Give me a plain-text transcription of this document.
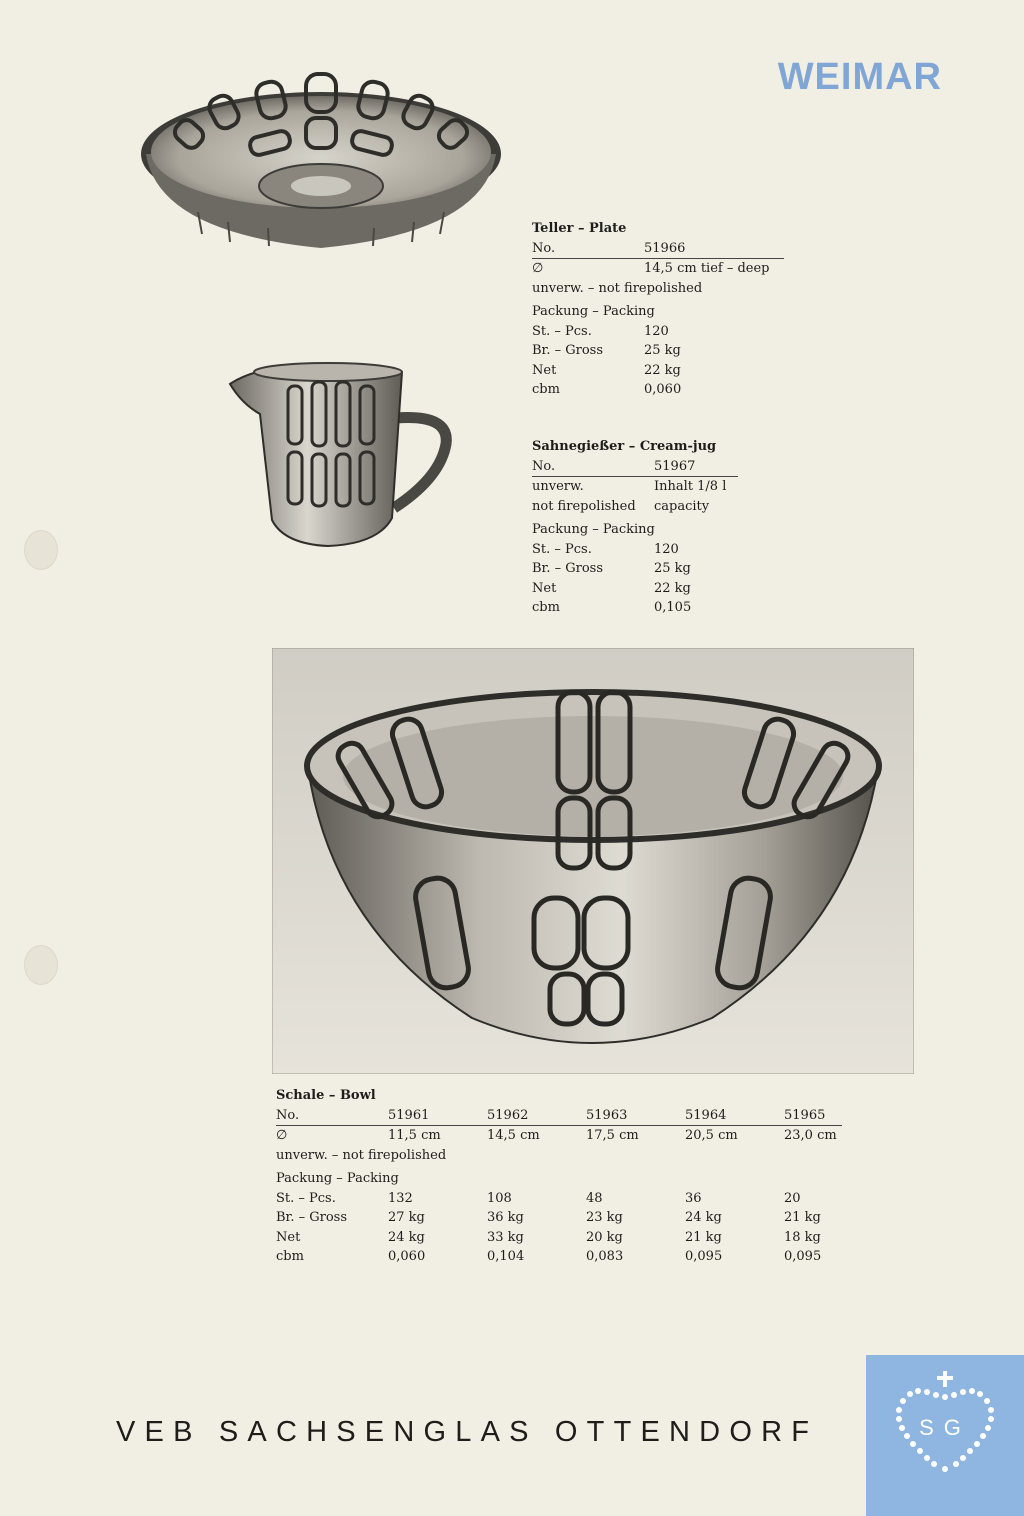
WEIMAR
Teller – Plate
No.	51966
∅	14,5 cm tief – deep
unverw. – not firepolished
Packung – Packing
St. – Pcs.	120
Br. – Gross	25 kg
Net	22 kg
cbm	0,060
Sahnegießer – Cream-jug
No.	51967
unverw.	Inhalt 1/8 l
not firepolished	capacity
Packung – Packing
St. – Pcs.	120
Br. – Gross	25 kg
Net	22 kg
cbm	0,105
Schale – Bowl
No.	51961	51962	51963	51964	51965
∅	11,5 cm	14,5 cm	17,5 cm	20,5 cm	23,0 cm
unverw. – not firepolished
Packung – Packing
St. – Pcs.	132	108	48	36	20
Br. – Gross	27 kg	36 kg	23 kg	24 kg	21 kg
Net	24 kg	33 kg	20 kg	21 kg	18 kg
cbm	0,060	0,104	0,083	0,095	0,095
VEB SACHSENGLAS OTTENDORF	SG
